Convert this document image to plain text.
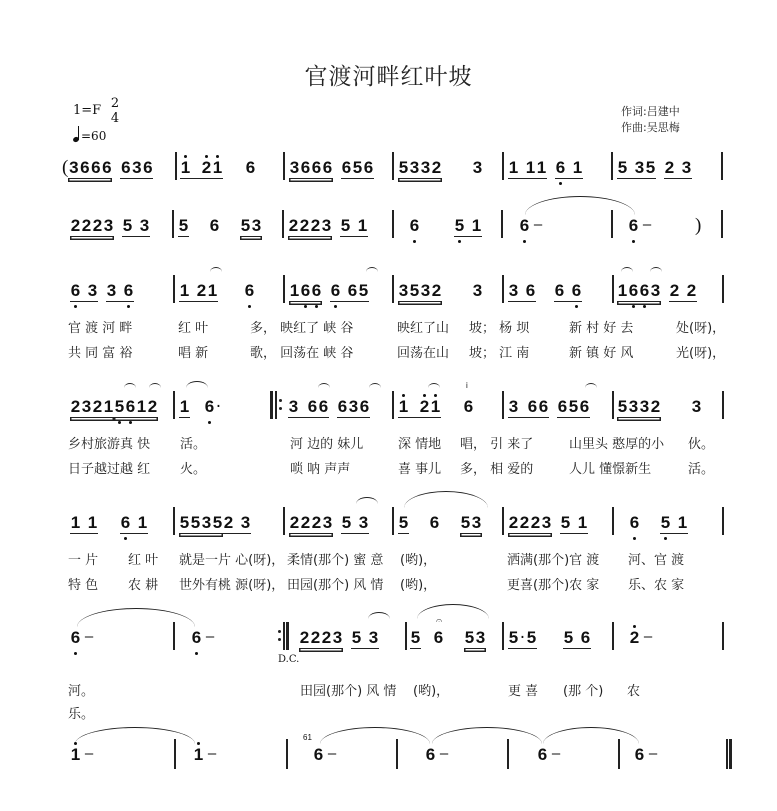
官渡河畔红叶坡
1=F 2
4
=60
作词:吕建中
作曲:吴思梅
( 3 6 6 6 6 3 6 1 2 1 6 3 6 6 6 6 5 6 5 3 3 2 3 1 1 1 6 1 5 3 5 2 3
2 2 2 3 5 3 5 6 5 3 2 2 2 3 5 1	6 5 1 6 –	6 – )
6 3 3 6	1 2 1 6 1 6 6 6 6 5 3 5 3 2 3 3 6 6 6 1 6 6 3 2 2
官 渡 河 畔	红 叶	多， 映红了 峡 谷	映红了山 坡； 杨 坝	新 村 好 去	处(呀)，
共 同 富 裕	唱 新	歌， 回荡在 峡 谷	回荡在山 坡； 江 南	新 镇 好 风	光(呀)，
2 3 2 1 5 6 1 2 1 6 ·	3 6 6 6 3 6 1 2 1 6
i
3 6 6 6 5 6 5 3 3 2 3
乡村旅游真 快 活。	河 边的 妹儿	深 情地 唱， 引 来了	山里头 憨厚的小 伙。
日子越过越 红 火。	唢 呐 声声	喜 事儿 多， 相 爱的	人儿 懂憬新生	活。
1 1 6 1 5 5 3 5 2 3 2 2 2 3 5 3 5 6 5 3 2 2 2 3 5 1	6 5 1
一 片 红 叶 就是一片 心(呀)， 柔情(那个) 蜜 意 (哟)，	洒满(那个)官 渡 河、官 渡
特 色 农 耕 世外有桃 源(呀)， 田园(那个) 风 情 (哟)，	更喜(那个)农 家 乐、农 家
D.C.
6 –	6 –	2 2 2 3 5 3
𝄐
5 6 5 3 5 · 5 5 6 2 –
河。	田园(那个) 风 情 (哟)，	更 喜 (那 个) 农
乐。
1 –	1 –
61
6 –	6 –	6 –	6 –
